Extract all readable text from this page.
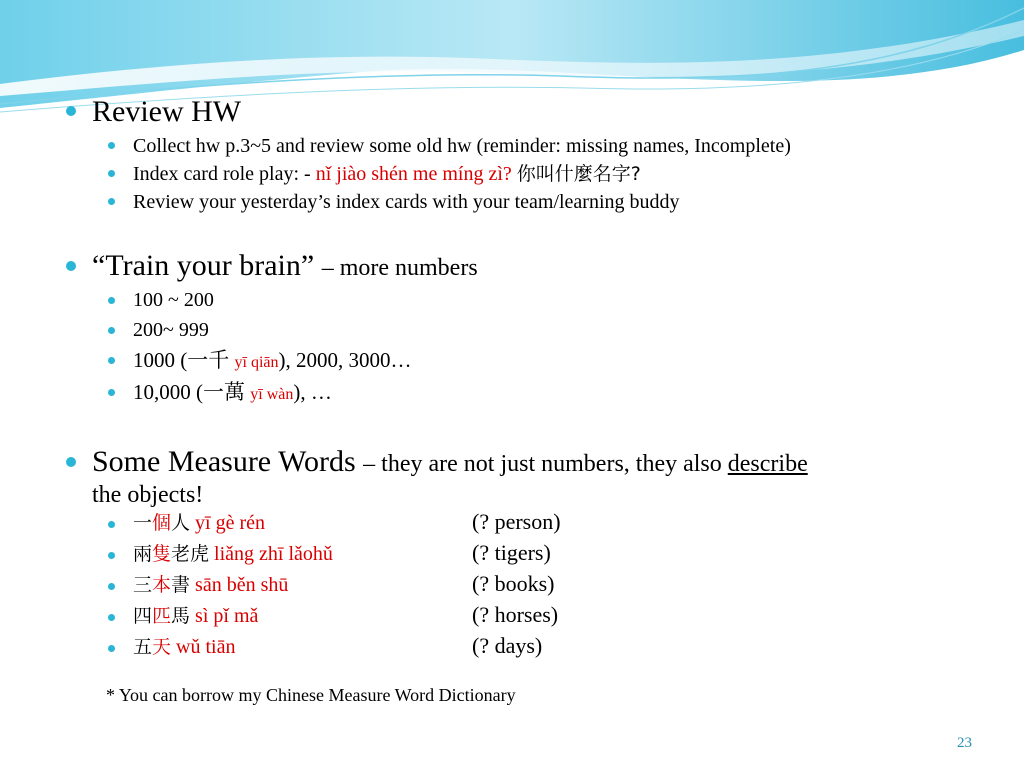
Review HW
Collect hw p.3~5 and review some old hw (reminder: missing names, Incomplete)
Index card role play: - nǐ jiào shén me míng zì? 你叫什麼名字?
Review your yesterday’s index cards with your team/learning buddy
“Train your brain” – more numbers
100 ~ 200
200~ 999
1000 (一千 yī qiān), 2000, 3000…
10,000 (一萬 yī wàn), …
Some Measure Words – they are not just numbers, they also describe
the objects!
一個人 yī gè rén	(? person)
兩隻老虎 liǎng zhī lǎohǔ	(? tigers)
三本書 sān běn shū	(? books)
四匹馬 sì pǐ mǎ	(? horses)
五天 wǔ tiān	(? days)
* You can borrow my Chinese Measure Word Dictionary
23
